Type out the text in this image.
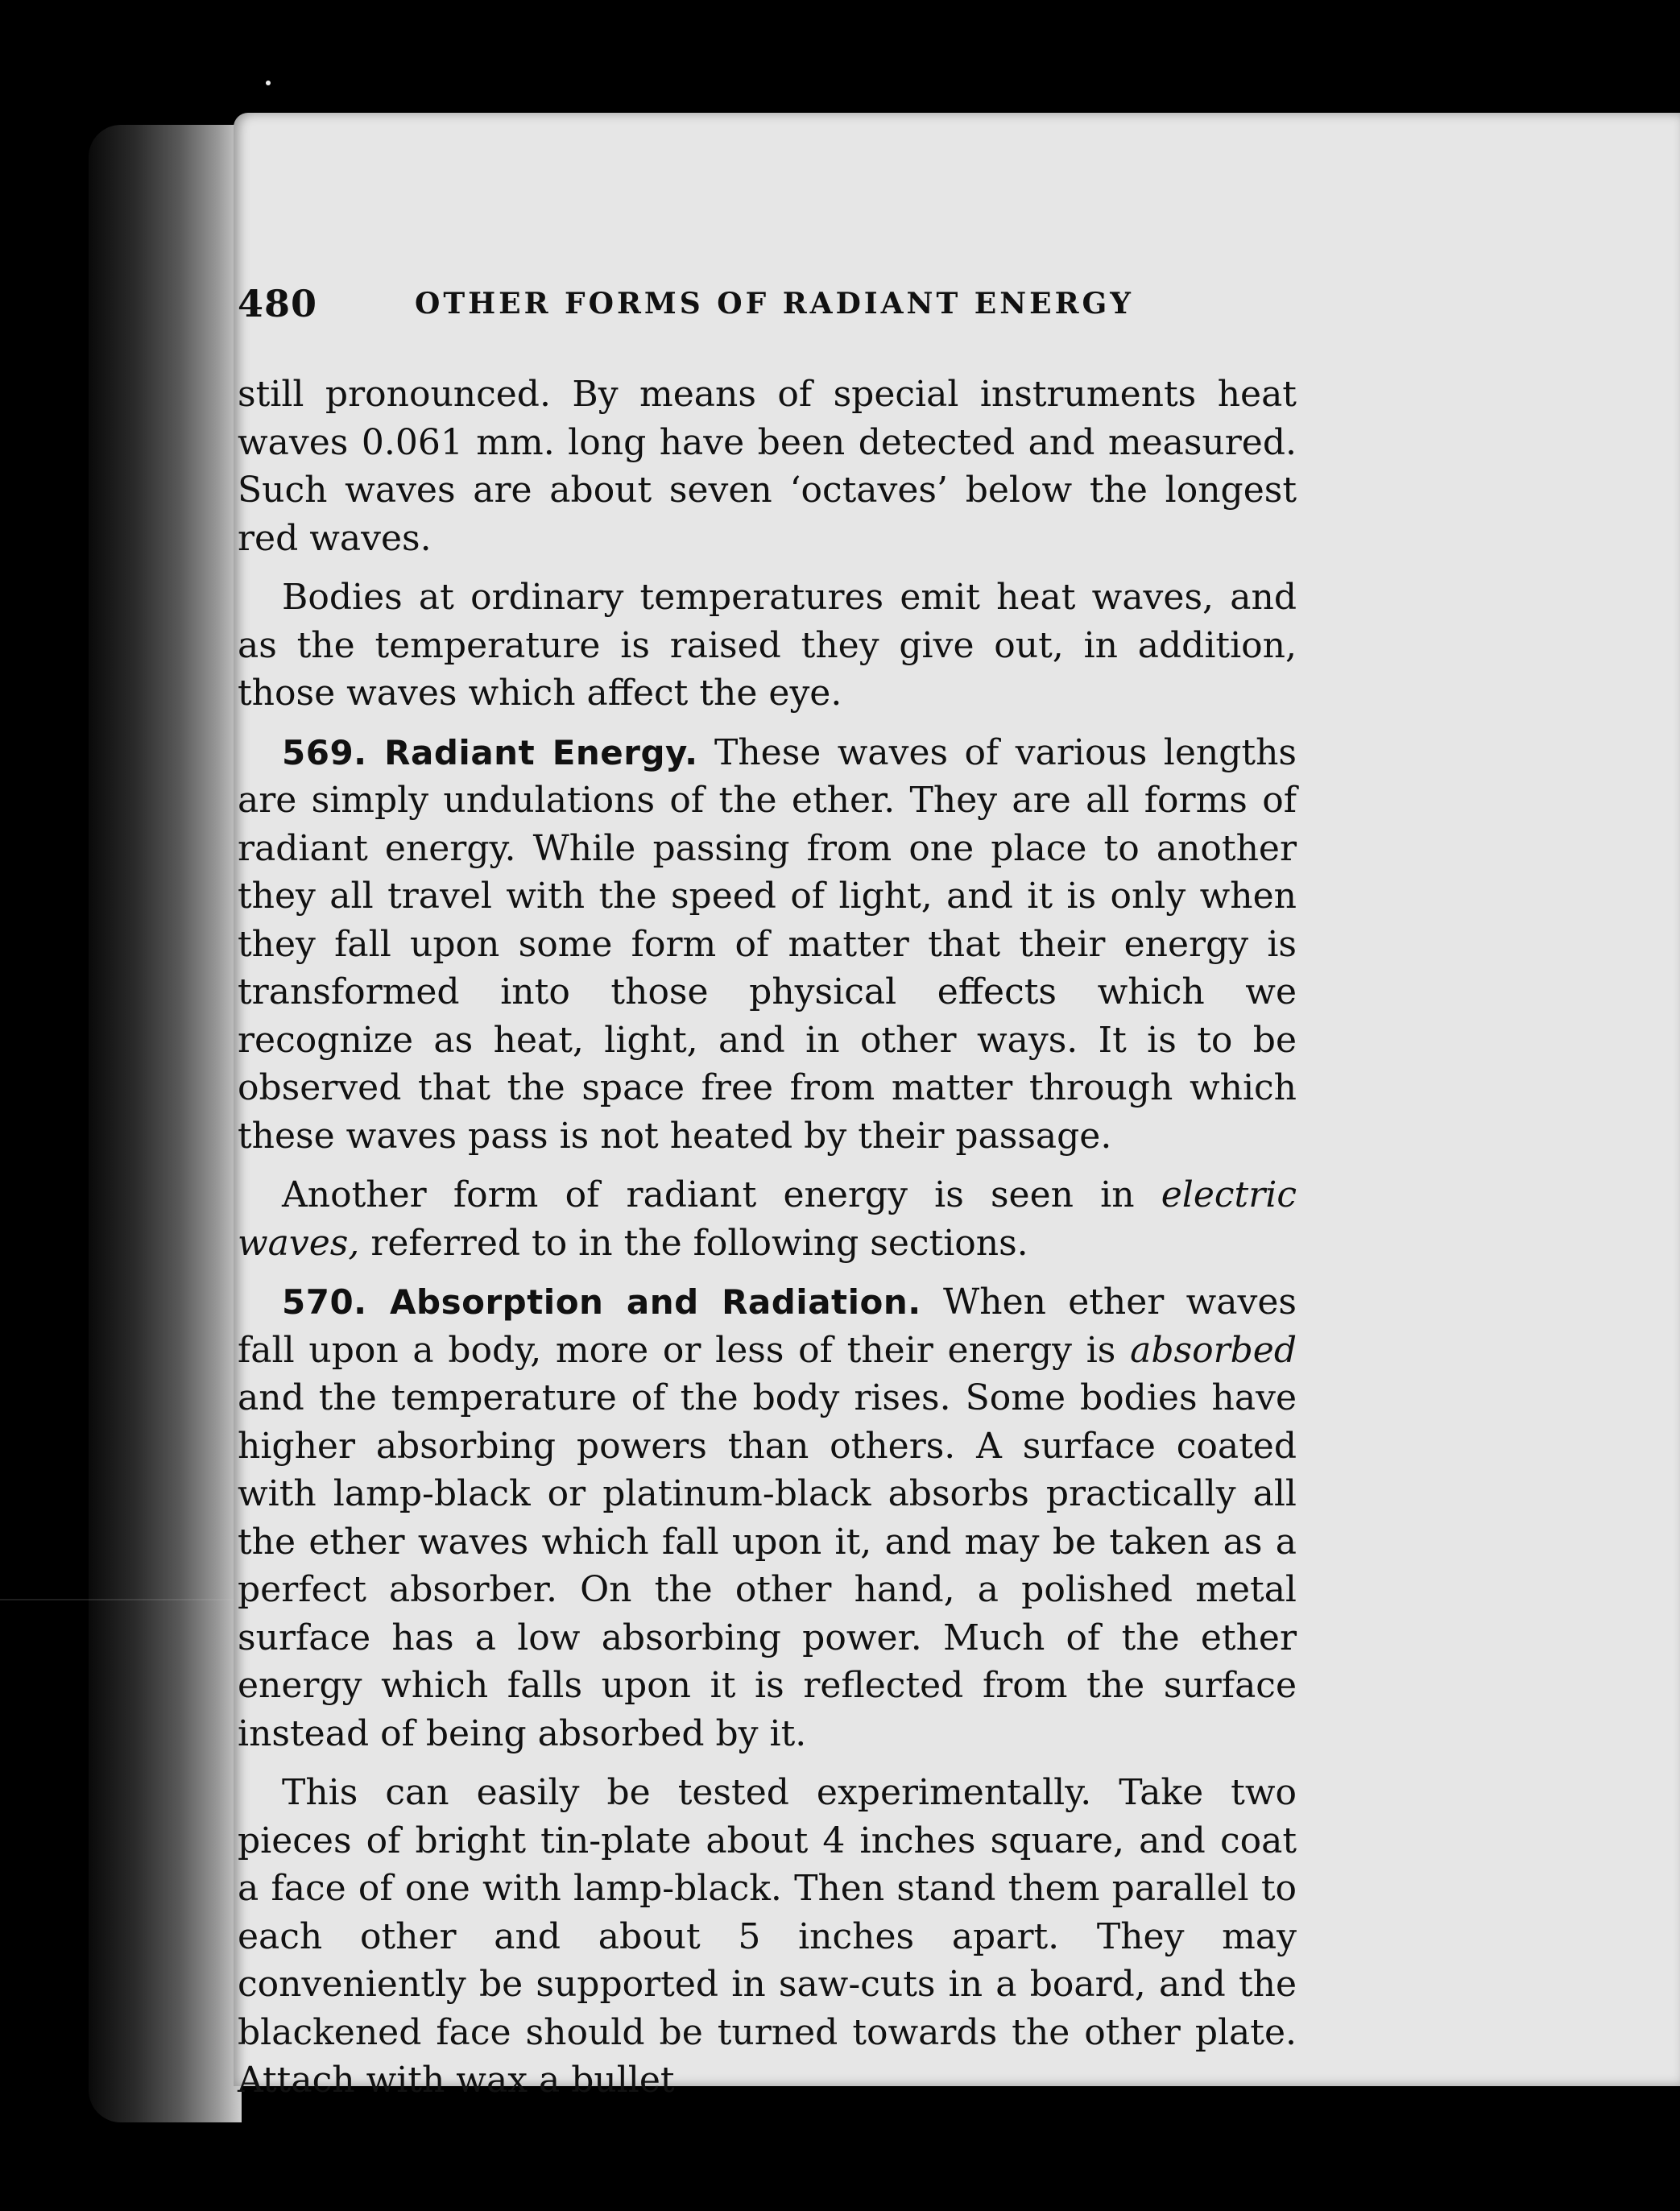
480	OTHER FORMS OF RADIANT ENERGY

still pronounced. By means of special instruments heat waves 0.061 mm. long have been detected and measured. Such waves are about seven ‘octaves’ below the longest red waves.

Bodies at ordinary temperatures emit heat waves, and as the temperature is raised they give out, in addition, those waves which affect the eye.

569. Radiant Energy. These waves of various lengths are simply undulations of the ether. They are all forms of radiant energy. While passing from one place to another they all travel with the speed of light, and it is only when they fall upon some form of matter that their energy is transformed into those physical effects which we recognize as heat, light, and in other ways. It is to be observed that the space free from matter through which these waves pass is not heated by their passage.

Another form of radiant energy is seen in electric waves, referred to in the following sections.

570. Absorption and Radiation. When ether waves fall upon a body, more or less of their energy is absorbed and the temperature of the body rises. Some bodies have higher absorbing powers than others. A surface coated with lamp-black or platinum-black absorbs practically all the ether waves which fall upon it, and may be taken as a perfect absorber. On the other hand, a polished metal surface has a low absorbing power. Much of the ether energy which falls upon it is reflected from the surface instead of being absorbed by it.

This can easily be tested experimentally. Take two pieces of bright tin-plate about 4 inches square, and coat a face of one with lamp-black. Then stand them parallel to each other and about 5 inches apart. They may conveniently be supported in saw-cuts in a board, and the blackened face should be turned towards the other plate. Attach with wax a bullet
